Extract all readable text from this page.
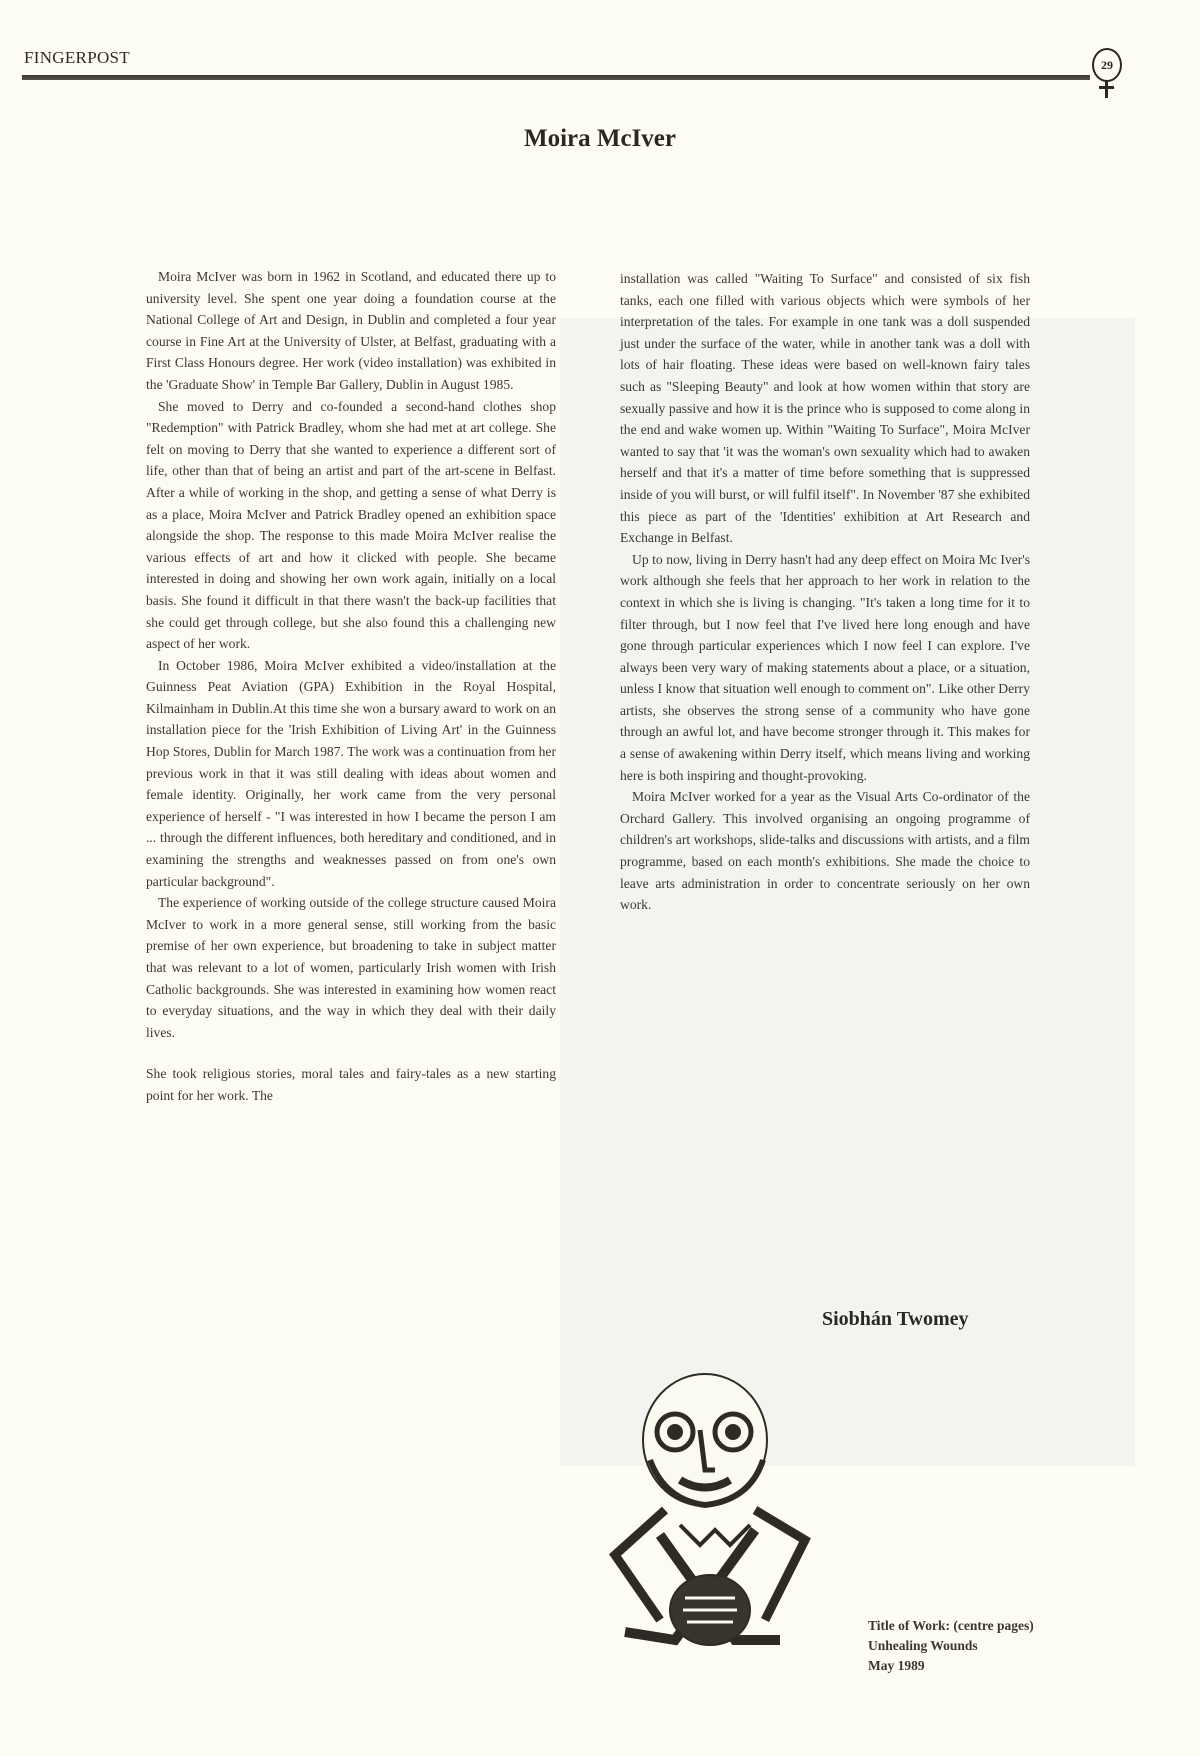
FINGERPOST	29
Moira McIver

Moira McIver was born in 1962 in Scotland, and educated there up to university level. She spent one year doing a foundation course at the National College of Art and Design, in Dublin and completed a four year course in Fine Art at the University of Ulster, at Belfast, graduating with a First Class Honours degree. Her work (video installation) was exhibited in the 'Graduate Show' in Temple Bar Gallery, Dublin in August 1985.

She moved to Derry and co-founded a second-hand clothes shop "Redemption" with Patrick Bradley, whom she had met at art college. She felt on moving to Derry that she wanted to experience a different sort of life, other than that of being an artist and part of the art-scene in Belfast. After a while of working in the shop, and getting a sense of what Derry is as a place, Moira McIver and Patrick Bradley opened an exhibition space alongside the shop. The response to this made Moira McIver realise the various effects of art and how it clicked with people. She became interested in doing and showing her own work again, initially on a local basis. She found it difficult in that there wasn't the back-up facilities that she could get through college, but she also found this a challenging new aspect of her work.

In October 1986, Moira McIver exhibited a video/installation at the Guinness Peat Aviation (GPA) Exhibition in the Royal Hospital, Kilmainham in Dublin.At this time she won a bursary award to work on an installation piece for the 'Irish Exhibition of Living Art' in the Guinness Hop Stores, Dublin for March 1987. The work was a continuation from her previous work in that it was still dealing with ideas about women and female identity. Originally, her work came from the very personal experience of herself - "I was interested in how I became the person I am ... through the different influences, both hereditary and conditioned, and in examining the strengths and weaknesses passed on from one's own particular background".

The experience of working outside of the college structure caused Moira McIver to work in a more general sense, still working from the basic premise of her own experience, but broadening to take in subject matter that was relevant to a lot of women, particularly Irish women with Irish Catholic backgrounds. She was interested in examining how women react to everyday situations, and the way in which they deal with their daily lives.

She took religious stories, moral tales and fairy-tales as a new starting point for her work. The

installation was called "Waiting To Surface" and consisted of six fish tanks, each one filled with various objects which were symbols of her interpretation of the tales. For example in one tank was a doll suspended just under the surface of the water, while in another tank was a doll with lots of hair floating. These ideas were based on well-known fairy tales such as "Sleeping Beauty" and look at how women within that story are sexually passive and how it is the prince who is supposed to come along in the end and wake women up. Within "Waiting To Surface", Moira McIver wanted to say that 'it was the woman's own sexuality which had to awaken herself and that it's a matter of time before something that is suppressed inside of you will burst, or will fulfil itself". In November '87 she exhibited this piece as part of the 'Identities' exhibition at Art Research and Exchange in Belfast.

Up to now, living in Derry hasn't had any deep effect on Moira Mc Iver's work although she feels that her approach to her work in relation to the context in which she is living is changing. "It's taken a long time for it to filter through, but I now feel that I've lived here long enough and have gone through particular experiences which I now feel I can explore. I've always been very wary of making statements about a place, or a situation, unless I know that situation well enough to comment on". Like other Derry artists, she observes the strong sense of a community who have gone through an awful lot, and have become stronger through it. This makes for a sense of awakening within Derry itself, which means living and working here is both inspiring and thought-provoking.

Moira McIver worked for a year as the Visual Arts Co-ordinator of the Orchard Gallery. This involved organising an ongoing programme of children's art workshops, slide-talks and discussions with artists, and a film programme, based on each month's exhibitions. She made the choice to leave arts administration in order to concentrate seriously on her own work.

Siobhán Twomey
Title of Work: (centre pages)
Unhealing Wounds
May 1989
